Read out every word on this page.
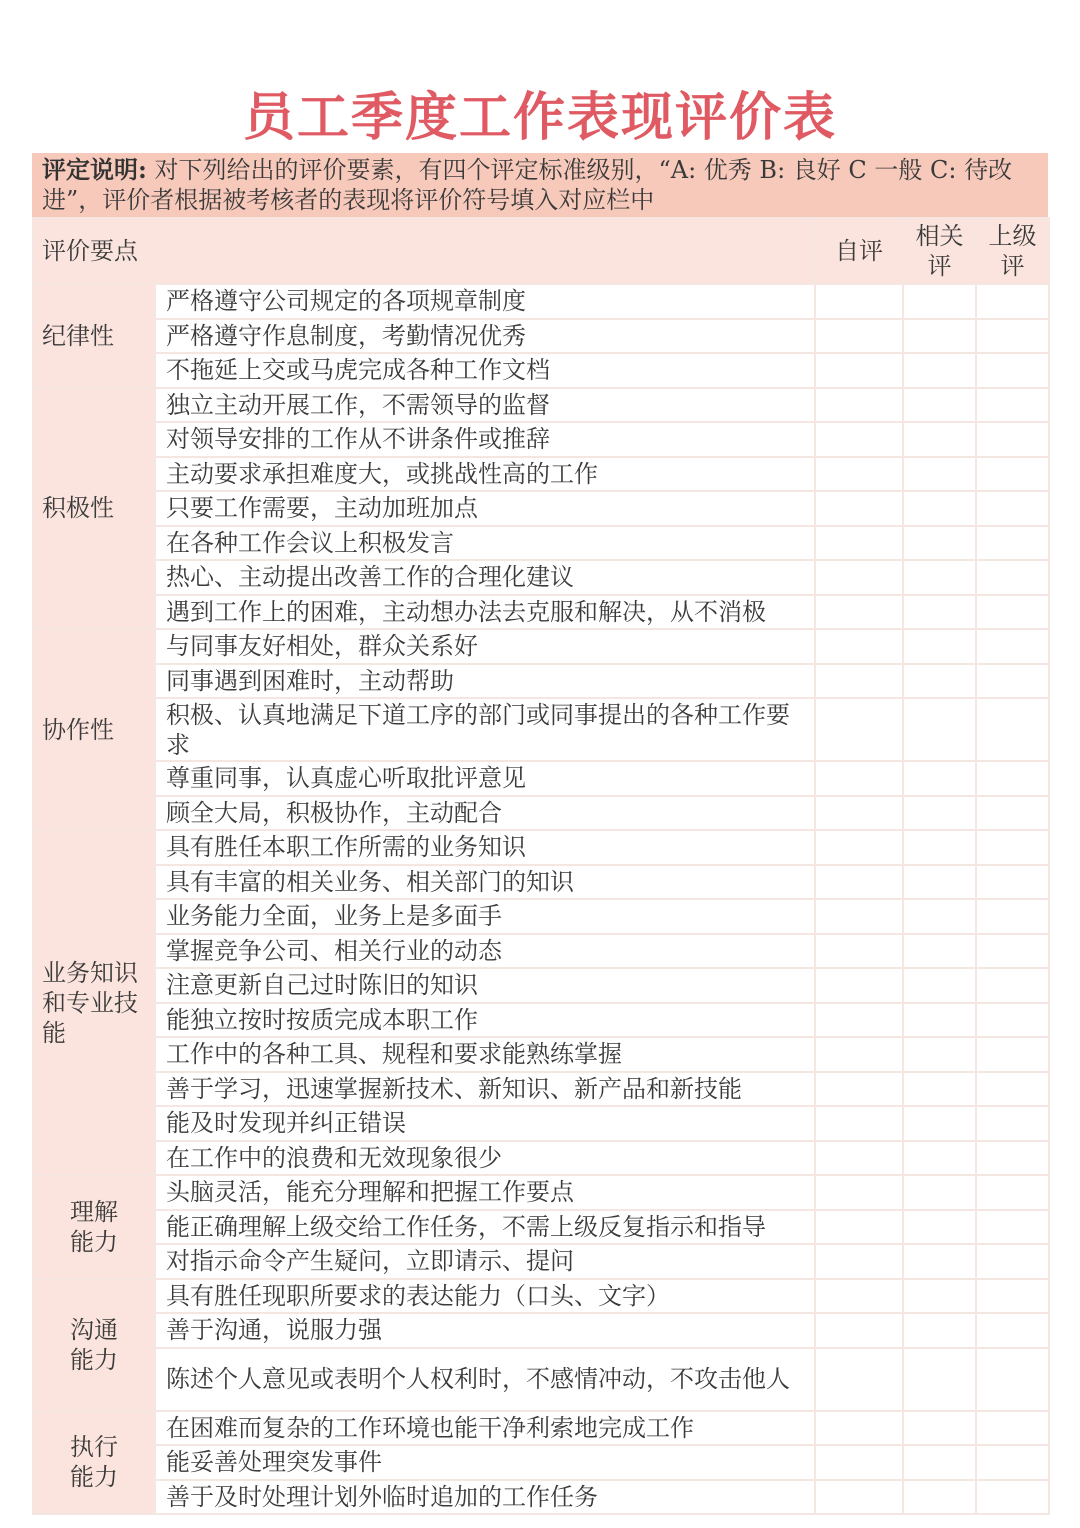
员工季度工作表现评价表
评定说明: 对下列给出的评价要素，有四个评定标准级别，“A: 优秀 B: 良好 C 一般 C: 待改进”，评价者根据被考核者的表现将评价符号填入对应栏中
评价要点		自评	相关评	上级评
纪律性	严格遵守公司规定的各项规章制度			
	严格遵守作息制度，考勤情况优秀			
	不拖延上交或马虎完成各种工作文档			
积极性	独立主动开展工作，不需领导的监督			
	对领导安排的工作从不讲条件或推辞			
	主动要求承担难度大，或挑战性高的工作			
	只要工作需要，主动加班加点			
	在各种工作会议上积极发言			
	热心、主动提出改善工作的合理化建议			
	遇到工作上的困难，主动想办法去克服和解决，从不消极			
协作性	与同事友好相处，群众关系好			
	同事遇到困难时，主动帮助			
	积极、认真地满足下道工序的部门或同事提出的各种工作要求			
	尊重同事，认真虚心听取批评意见			
	顾全大局，积极协作，主动配合			
业务知识和专业技能	具有胜任本职工作所需的业务知识			
	具有丰富的相关业务、相关部门的知识			
	业务能力全面，业务上是多面手			
	掌握竞争公司、相关行业的动态			
	注意更新自己过时陈旧的知识			
	能独立按时按质完成本职工作			
	工作中的各种工具、规程和要求能熟练掌握			
	善于学习，迅速掌握新技术、新知识、新产品和新技能			
	能及时发现并纠正错误			
	在工作中的浪费和无效现象很少			
理解能力	头脑灵活，能充分理解和把握工作要点			
	能正确理解上级交给工作任务，不需上级反复指示和指导			
	对指示命令产生疑问，立即请示、提问			
沟通能力	具有胜任现职所要求的表达能力（口头、文字）			
	善于沟通，说服力强			
	陈述个人意见或表明个人权利时，不感情冲动，不攻击他人			
执行能力	在困难而复杂的工作环境也能干净利索地完成工作			
	能妥善处理突发事件			
	善于及时处理计划外临时追加的工作任务			
